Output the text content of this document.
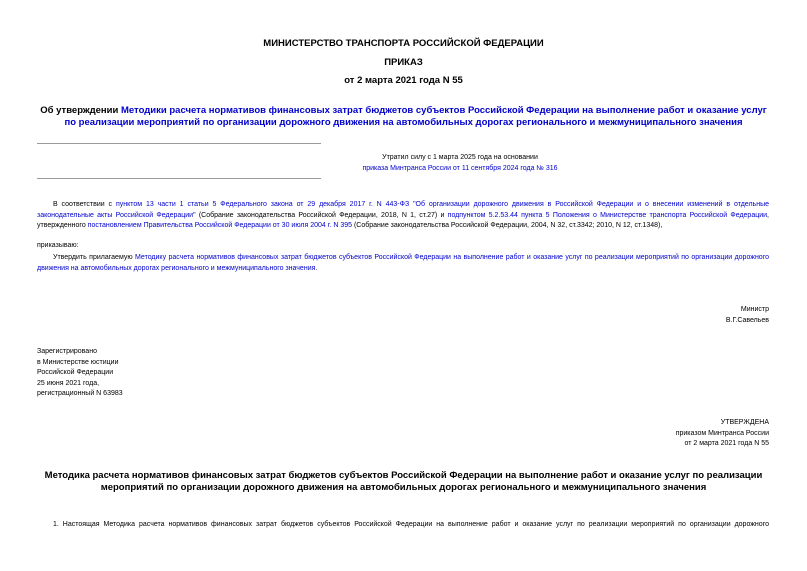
МИНИСТЕРСТВО ТРАНСПОРТА РОССИЙСКОЙ ФЕДЕРАЦИИ
ПРИКАЗ
от 2 марта 2021 года N 55
Об утверждении Методики расчета нормативов финансовых затрат бюджетов субъектов Российской Федерации на выполнение работ и оказание услуг по реализации мероприятий по организации дорожного движения на автомобильных дорогах регионального и межмуниципального значения
Утратил силу с 1 марта 2025 года на основании
приказа Минтранса России от 11 сентября 2024 года № 316
В соответствии с пунктом 13 части 1 статьи 5 Федерального закона от 29 декабря 2017 г. N 443-ФЗ "Об организации дорожного движения в Российской Федерации и о внесении изменений в отдельные законодательные акты Российской Федерации" (Собрание законодательства Российской Федерации, 2018, N 1, ст.27) и подпунктом 5.2.53.44 пункта 5 Положения о Министерстве транспорта Российской Федерации, утвержденного постановлением Правительства Российской Федерации от 30 июля 2004 г. N 395 (Собрание законодательства Российской Федерации, 2004, N 32, ст.3342; 2010, N 12, ст.1348),
приказываю:
Утвердить прилагаемую Методику расчета нормативов финансовых затрат бюджетов субъектов Российской Федерации на выполнение работ и оказание услуг по реализации мероприятий по организации дорожного движения на автомобильных дорогах регионального и межмуниципального значения.
Министр
В.Г.Савельев
Зарегистрировано
в Министерстве юстиции
Российской Федерации
25 июня 2021 года,
регистрационный N 63983
УТВЕРЖДЕНА
приказом Минтранса России
от 2 марта 2021 года N 55
Методика расчета нормативов финансовых затрат бюджетов субъектов Российской Федерации на выполнение работ и оказание услуг по реализации мероприятий по организации дорожного движения на автомобильных дорогах регионального и межмуниципального значения
1. Настоящая Методика расчета нормативов финансовых затрат бюджетов субъектов Российской Федерации на выполнение работ и оказание услуг по реализации мероприятий по организации дорожного
